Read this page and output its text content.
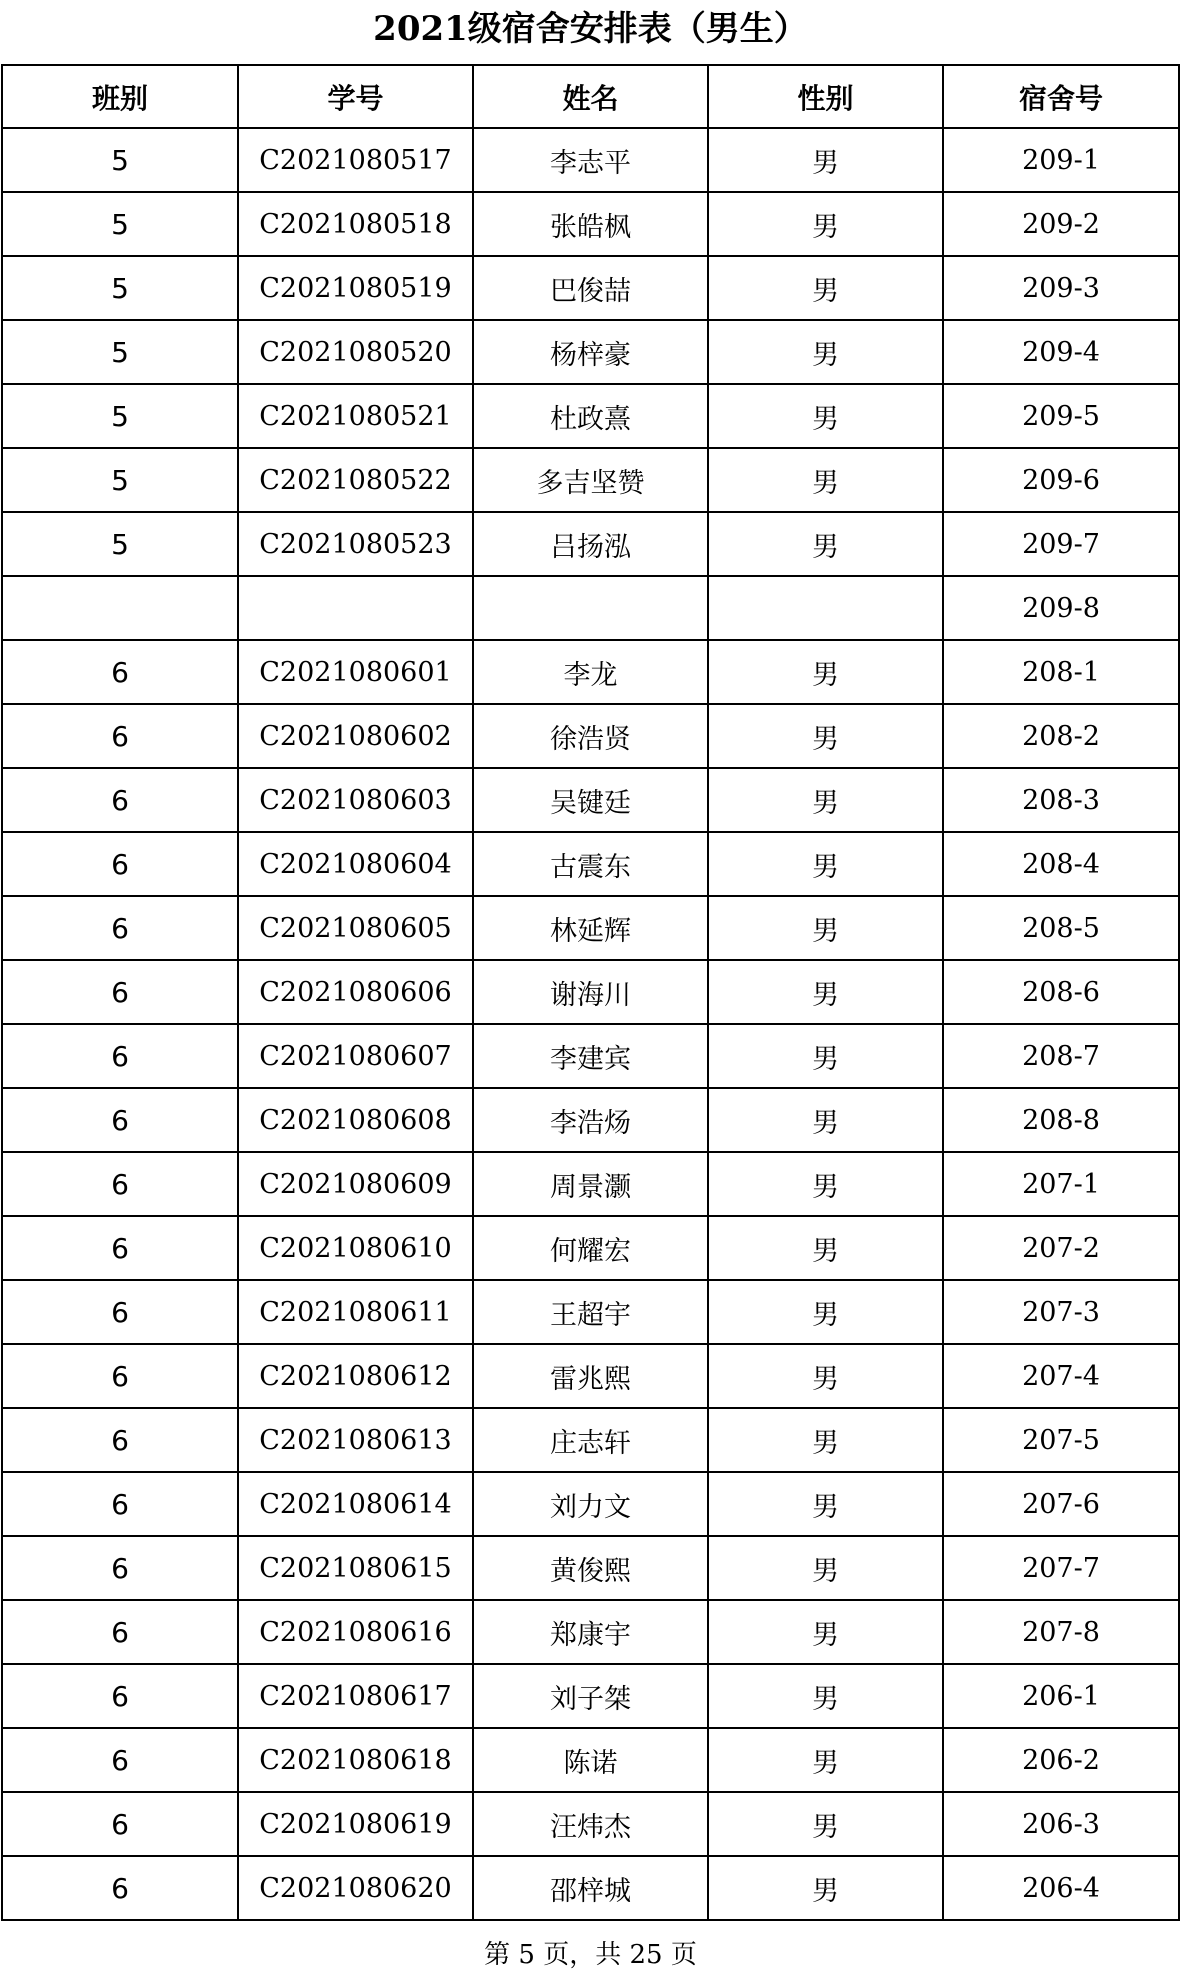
2021级宿舍安排表（男生）
班别	学号	姓名	性别	宿舍号
5	C2021080517	李志平	男	209-1
5	C2021080518	张皓枫	男	209-2
5	C2021080519	巴俊喆	男	209-3
5	C2021080520	杨梓豪	男	209-4
5	C2021080521	杜政熹	男	209-5
5	C2021080522	多吉坚赞	男	209-6
5	C2021080523	吕扬泓	男	209-7
				209-8
6	C2021080601	李龙	男	208-1
6	C2021080602	徐浩贤	男	208-2
6	C2021080603	吴键廷	男	208-3
6	C2021080604	古震东	男	208-4
6	C2021080605	林延辉	男	208-5
6	C2021080606	谢海川	男	208-6
6	C2021080607	李建宾	男	208-7
6	C2021080608	李浩炀	男	208-8
6	C2021080609	周景灏	男	207-1
6	C2021080610	何耀宏	男	207-2
6	C2021080611	王超宇	男	207-3
6	C2021080612	雷兆熙	男	207-4
6	C2021080613	庄志轩	男	207-5
6	C2021080614	刘力文	男	207-6
6	C2021080615	黄俊熙	男	207-7
6	C2021080616	郑康宇	男	207-8
6	C2021080617	刘子桀	男	206-1
6	C2021080618	陈诺	男	206-2
6	C2021080619	汪炜杰	男	206-3
6	C2021080620	邵梓城	男	206-4
第 5 页，共 25 页
